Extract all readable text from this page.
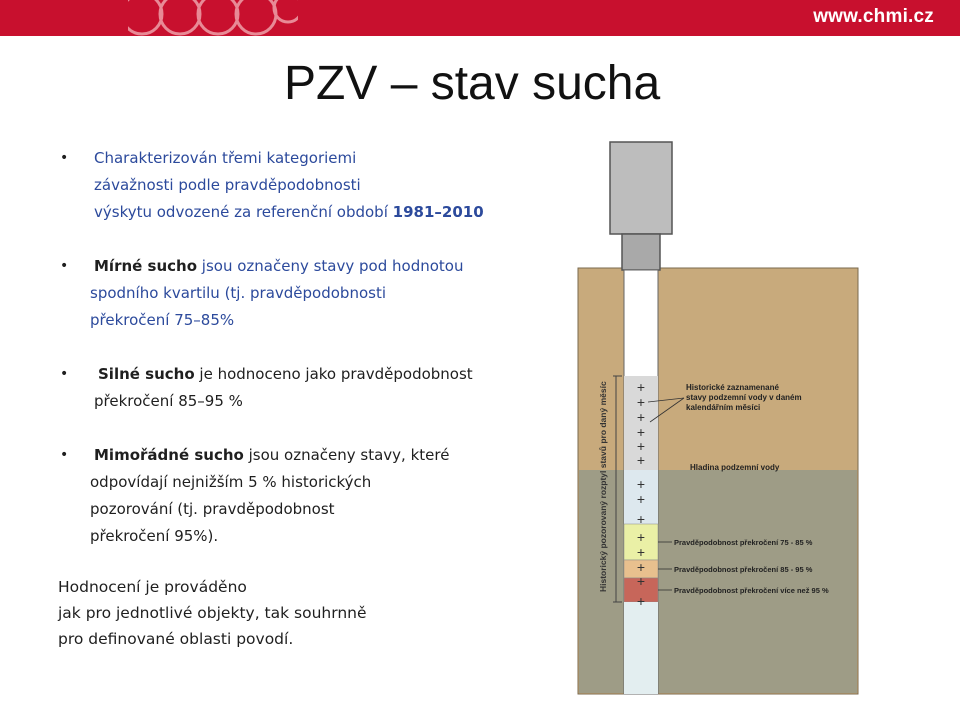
www.chmi.cz
PZV – stav sucha
• Charakterizován třemi kategoriemi
závažnosti podle pravděpodobnosti
výskytu odvozené za referenční období 1981–2010
• Mírné sucho jsou označeny stavy pod hodnotou
spodního kvartilu (tj. pravděpodobnosti
překročení 75–85%
• Silné sucho je hodnoceno jako pravděpodobnost
překročení 85–95 %
• Mimořádné sucho jsou označeny stavy, které
odpovídají nejnižším 5 % historických
pozorování (tj. pravděpodobnost
překročení 95%).
Hodnocení je prováděno
jak pro jednotlivé objekty, tak souhrnně
pro definované oblasti povodí.
+
+
+
+
+
+
+
+
+
+
+
+
+
+
Historický pozorovaný rozptyl stavů pro daný měsíc	Historické zaznamenané
stavy podzemní vody v daném
kalendářním měsíci
Hladina podzemní vody
Pravděpodobnost překročení 75 - 85 %
Pravděpodobnost překročení 85 - 95 %
Pravděpodobnost překročení více než 95 %
